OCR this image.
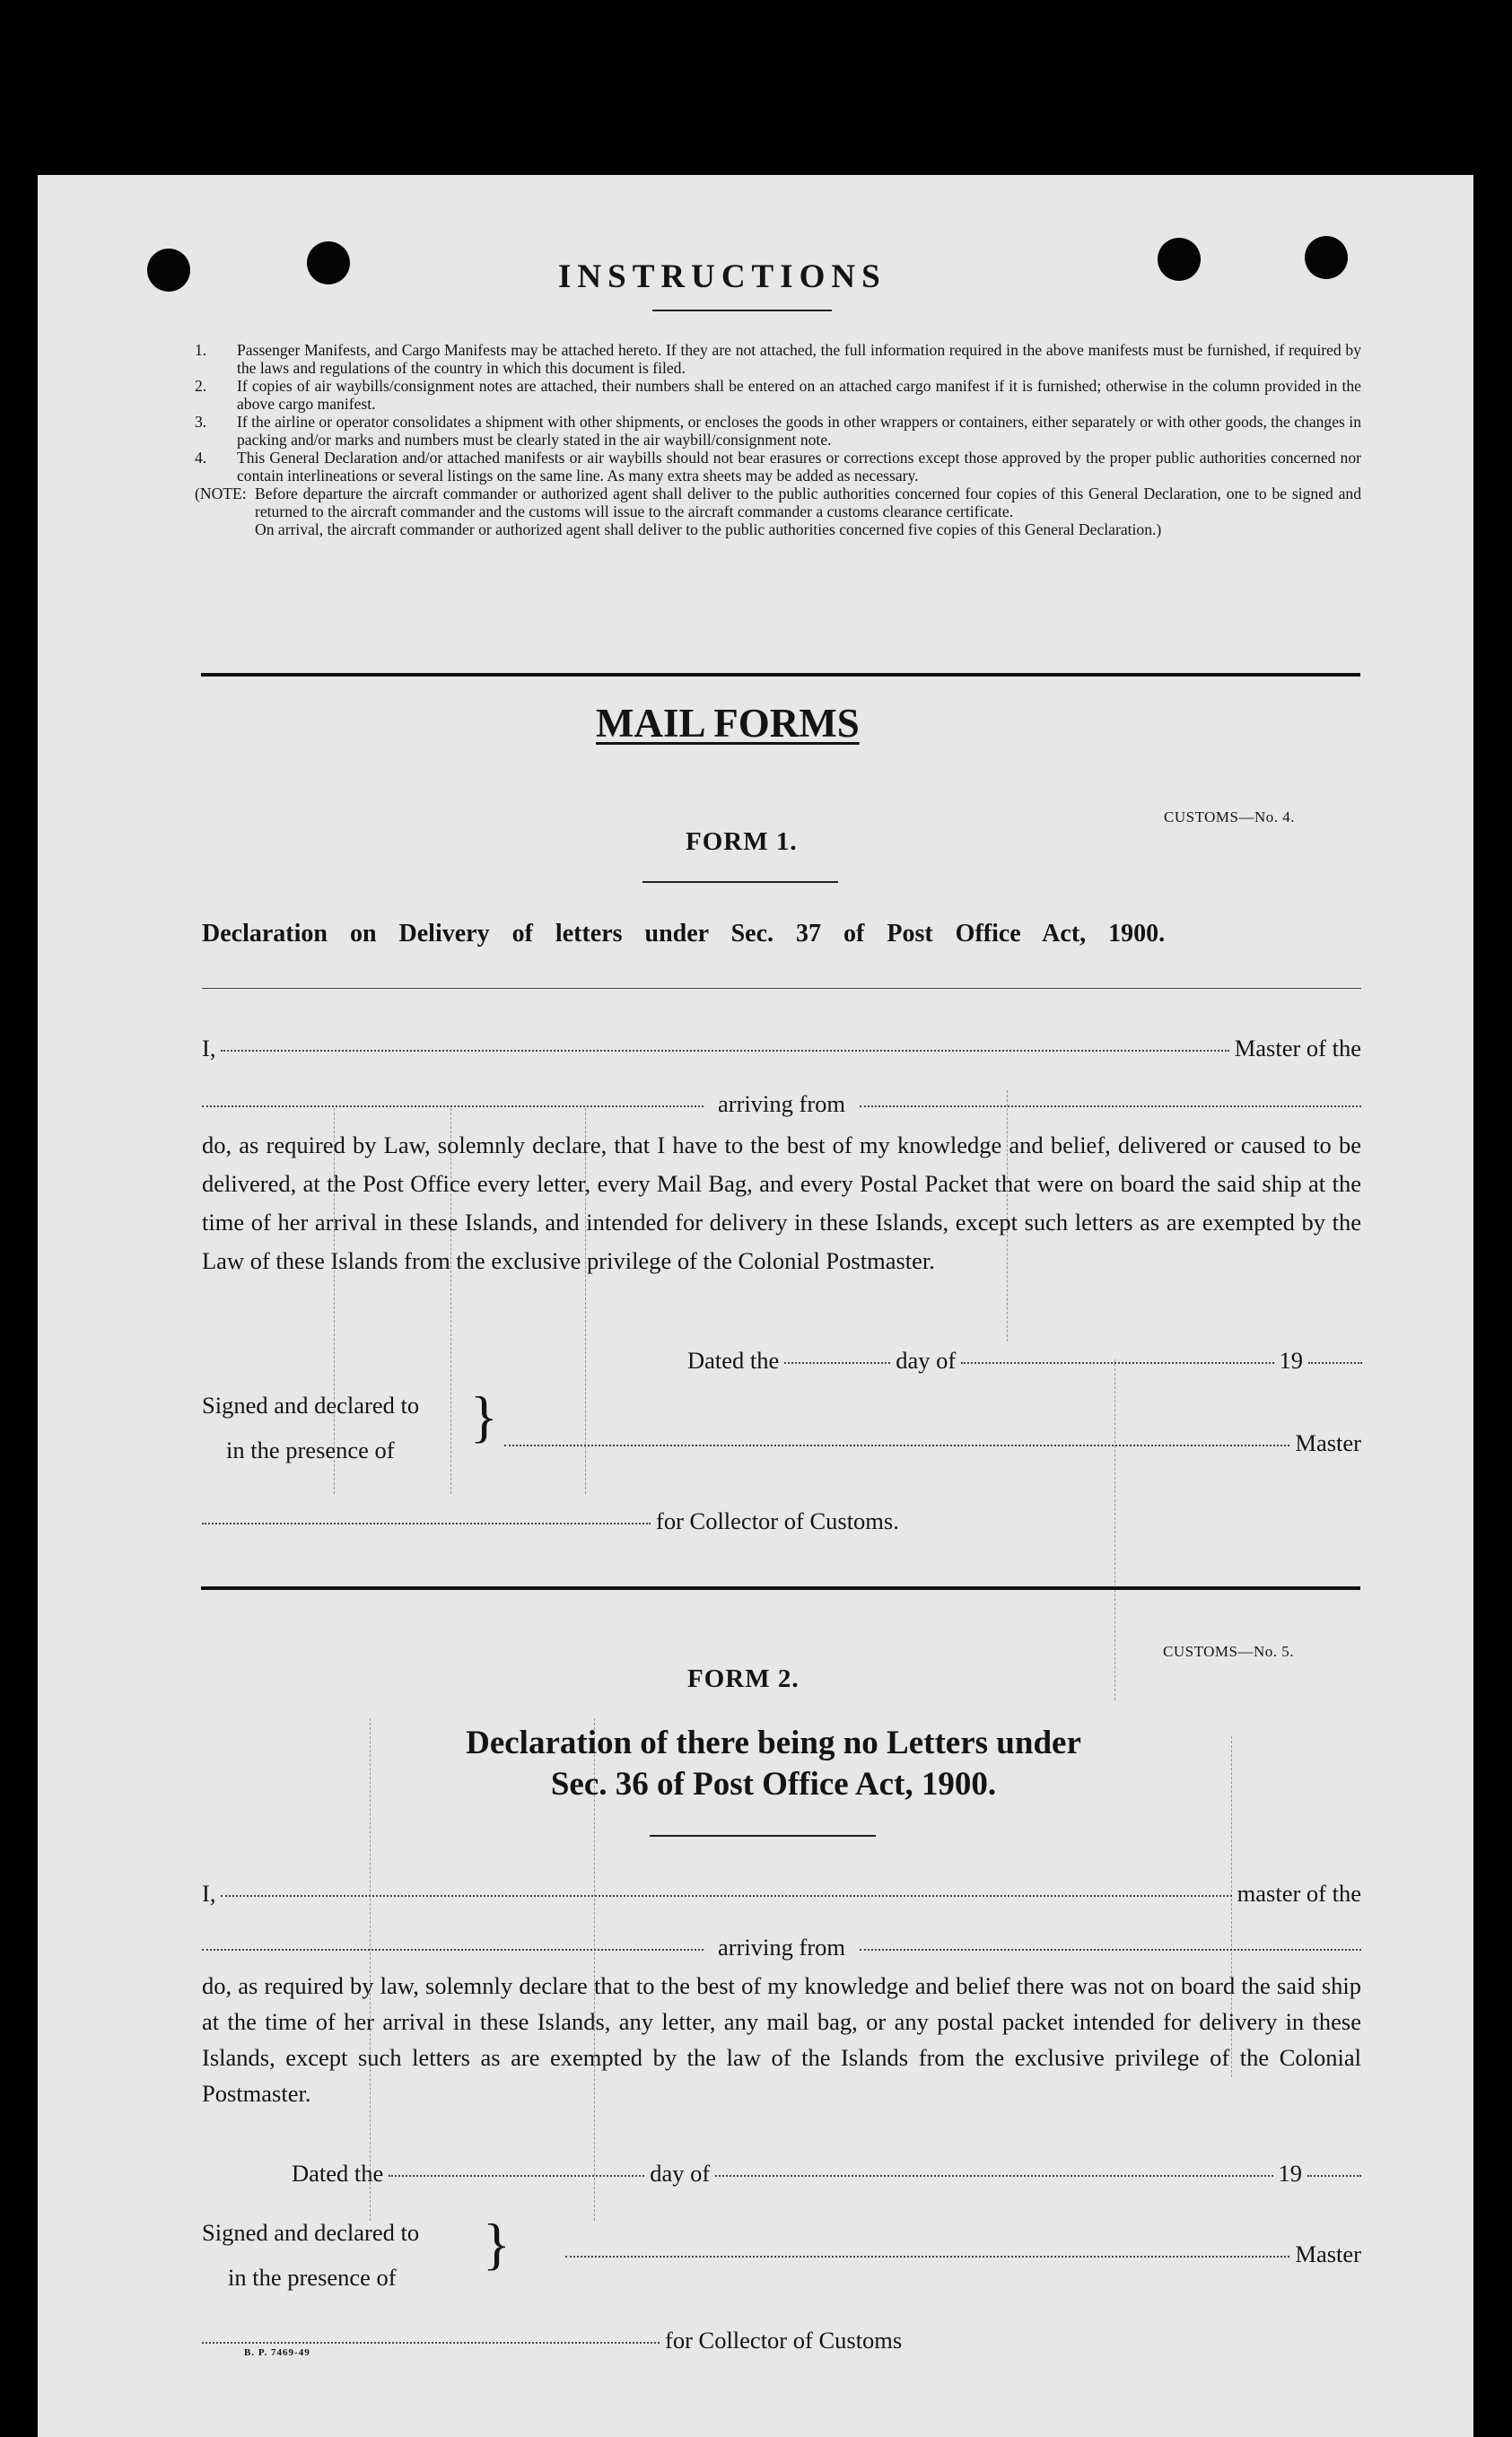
INSTRUCTIONS
1. Passenger Manifests, and Cargo Manifests may be attached hereto. If they are not attached, the full information required in the above manifests must be furnished, if required by the laws and regulations of the country in which this document is filed.
2. If copies of air waybills/consignment notes are attached, their numbers shall be entered on an attached cargo manifest if it is furnished; otherwise in the column provided in the above cargo manifest.
3. If the airline or operator consolidates a shipment with other shipments, or encloses the goods in other wrappers or containers, either separately or with other goods, the changes in packing and/or marks and numbers must be clearly stated in the air waybill/consignment note.
4. This General Declaration and/or attached manifests or air waybills should not bear erasures or corrections except those approved by the proper public authorities concerned nor contain interlineations or several listings on the same line. As many extra sheets may be added as necessary.
(NOTE: Before departure the aircraft commander or authorized agent shall deliver to the public authorities concerned four copies of this General Declaration, one to be signed and returned to the aircraft commander and the customs will issue to the aircraft commander a customs clearance certificate.
On arrival, the aircraft commander or authorized agent shall deliver to the public authorities concerned five copies of this General Declaration.)
MAIL FORMS
CUSTOMS—No. 4.
FORM 1.
Declaration on Delivery of letters under Sec. 37 of Post Office Act, 1900.
I,	Master of the
arriving from
do, as required by Law, solemnly declare, that I have to the best of my knowledge and belief, delivered or caused to be delivered, at the Post Office every letter, every Mail Bag, and every Postal Packet that were on board the said ship at the time of her arrival in these Islands, and intended for delivery in these Islands, except such letters as are exempted by the Law of these Islands from the exclusive privilege of the Colonial Postmaster.
Dated the	day of	19
Signed and declared to
in the presence of
}	Master
for Collector of Customs.
CUSTOMS—No. 5.
FORM 2.
Declaration of there being no Letters under
Sec. 36 of Post Office Act, 1900.
I,	master of the
arriving from
do, as required by law, solemnly declare that to the best of my knowledge and belief there was not on board the said ship at the time of her arrival in these Islands, any letter, any mail bag, or any postal packet intended for delivery in these Islands, except such letters as are exempted by the law of the Islands from the exclusive privilege of the Colonial Postmaster.
Dated the	day of	19
Signed and declared to
in the presence of
}	Master
for Collector of Customs
B. P. 7469-49
